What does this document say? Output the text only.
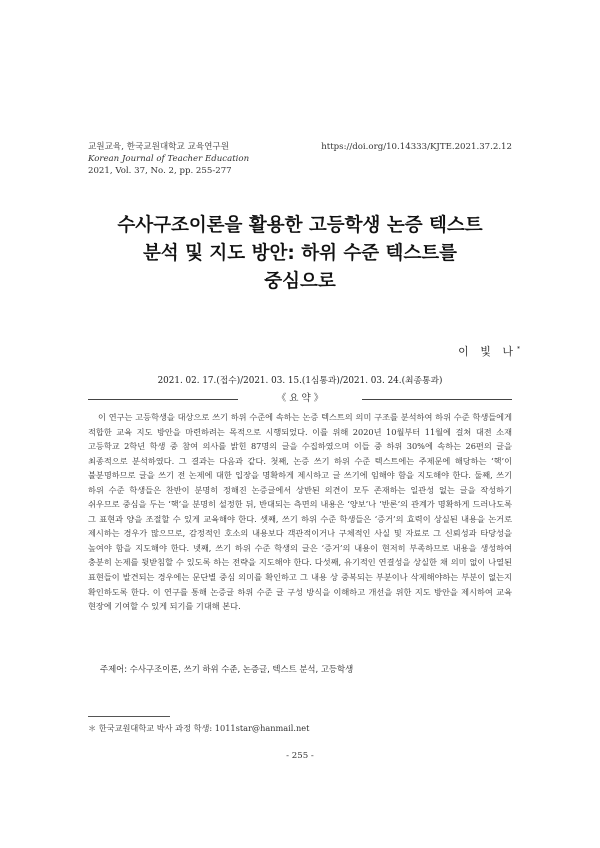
교원교육, 한국교원대학교 교육연구원
Korean Journal of Teacher Education
2021, Vol. 37, No. 2, pp. 255-277
https://doi.org/10.14333/KJTE.2021.37.2.12
수사구조이론을 활용한 고등학생 논증 텍스트
분석 및 지도 방안: 하위 수준 텍스트를
중심으로
이 빛 나*
2021. 02. 17.(접수)/2021. 03. 15.(1심통과)/2021. 03. 24.(최종통과)
《 요 약 》

이 연구는 고등학생을 대상으로 쓰기 하위 수준에 속하는 논증 텍스트의 의미 구조를 분석하여 하위 수준 학생들에게 적합한 교육 지도 방안을 마련하려는 목적으로 시행되었다. 이를 위해 2020년 10월부터 11월에 걸쳐 대전 소재 고등학교 2학년 학생 중 참여 의사를 밝힌 87명의 글을 수집하였으며 이들 중 하위 30%에 속하는 26편의 글을 최종적으로 분석하였다. 그 결과는 다음과 같다. 첫째, 논증 쓰기 하위 수준 텍스트에는 주제문에 해당하는 ‘핵’이 불분명하므로 글을 쓰기 전 논제에 대한 입장을 명확하게 제시하고 글 쓰기에 임해야 함을 지도해야 한다. 둘째, 쓰기 하위 수준 학생들은 찬반이 분명히 정해진 논증글에서 상반된 의견이 모두 존재하는 일관성 없는 글을 작성하기 쉬우므로 중심을 두는 ‘핵’을 분명히 설정한 뒤, 반대되는 측면의 내용은 ‘양보’나 ‘반론’의 관계가 명확하게 드러나도록 그 표현과 양을 조절할 수 있게 교육해야 한다. 셋째, 쓰기 하위 수준 학생들은 ‘증거’의 효력이 상실된 내용을 논거로 제시하는 경우가 많으므로, 감정적인 호소의 내용보다 객관적이거나 구체적인 사실 및 자료로 그 신뢰성과 타당성을 높여야 함을 지도해야 한다. 넷째, 쓰기 하위 수준 학생의 글은 ‘증거’의 내용이 현저히 부족하므로 내용을 생성하여 충분히 논제를 뒷받침할 수 있도록 하는 전략을 지도해야 한다. 다섯째, 유기적인 연결성을 상실한 채 의미 없이 나열된 표현들이 발견되는 경우에는 문단별 중심 의미를 확인하고 그 내용 상 중복되는 부분이나 삭제해야하는 부분이 없는지 확인하도록 한다. 이 연구를 통해 논증글 하위 수준 글 구성 방식을 이해하고 개선을 위한 지도 방안을 제시하여 교육 현장에 기여할 수 있게 되기를 기대해 본다.

주제어: 수사구조이론, 쓰기 하위 수준, 논증글, 텍스트 분석, 고등학생
＊ 한국교원대학교 박사 과정 학생: 1011star@hanmail.net
- 255 -
